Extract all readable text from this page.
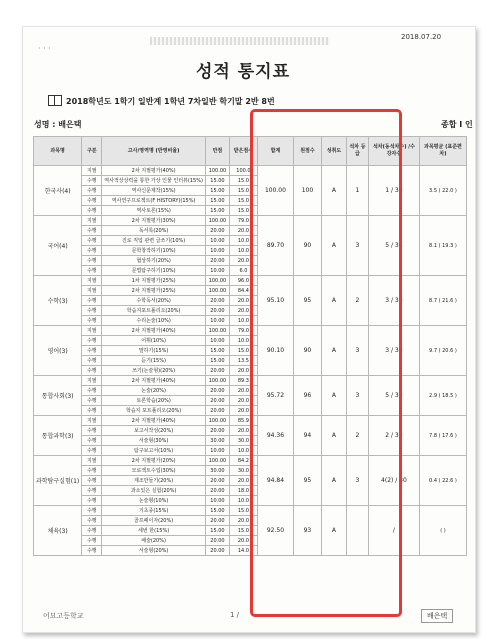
2018.07.20
· · ·
성적 통지표
2018학년도 1학기 일반계 1학년 7차일반 학기말 2반 8번
성명 : 배은택	종합 I 인
과목명	구분	고사/영역명 (반영비율)	만점	받은점수	합계	원점수	성취도	석차 등급	석차(동석차수) /수강자수	과목평균 (표준편차)
한국사(4)	지필	2차 지필평가(40%)	100.00	100.0	100.00	100	A	1	1 / 30	3.5 ( 22.0 )
	수행	역사적상상력을 통한 가상 인물 인터뷰(15%)	15.00	15.0						
	수행	역사신문제작(15%)	15.00	15.0						
	수행	역사연구프로젝트(F HISTORY)(15%)	15.00	15.0						
	수행	역사토론(15%)	15.00	15.0						
국어(4)	지필	2차 지필평가(30%)	100.00	79.0	89.70	90	A	3	5 / 34	8.1 ( 19.3 )
	수행	독서록(20%)	20.00	20.0						
	수행	진로 직업 관련 글쓰기(10%)	10.00	10.0						
	수행	문학창작하기(10%)	10.00	10.0						
	수행	협상하기(20%)	20.00	20.0						
	수행	문법탐구하기(10%)	10.00	6.0						
수학(3)	지필	1차 지필평가(25%)	100.00	96.0	95.10	95	A	2	3 / 30	8.7 ( 21.6 )
	지필	2차 지필평가(25%)	100.00	84.4						
	수행	수학독서(20%)	20.00	20.0						
	수행	학습지포트폴리오(20%)	20.00	20.0						
	수행	수리논술(10%)	10.00	10.0						
영어(3)	지필	2차 지필평가(40%)	100.00	79.0	90.10	90	A	3	3 / 30	9.7 ( 20.6 )
	수행	어휘(10%)	10.00	10.0						
	수행	말하기(15%)	15.00	15.0						
	수행	듣기(15%)	15.00	13.5						
	수행	쓰기(논술형)(20%)	20.00	20.0						
통합사회(3)	지필	2차 지필평가(40%)	100.00	89.3	95.72	96	A	3	5 / 30	2.9 ( 18.5 )
	수행	논술(20%)	20.00	20.0						
	수행	토론학습(20%)	20.00	20.0						
	수행	학습지 포트폴리오(20%)	20.00	20.0						
통합과학(3)	지필	2차 지필평가(40%)	100.00	85.9	94.36	94	A	2	2 / 30	7.8 ( 17.6 )
	수행	보고서작성(20%)	20.00	20.0						
	수행	서술형(30%)	30.00	30.0						
	수행	탐구보고서(10%)	10.00	10.0						
과학탐구실험(1)	지필	2차 지필평가(20%)	100.00	84.2	94.84	95	A	3	4(2) / 30	0.4 ( 22.6 )
	수행	모로젝트수업(30%)	30.00	30.0						
	수행	제조만들기(20%)	20.00	20.0						
	수행	과소있은 실험(20%)	20.00	18.0						
	수행	논술형(10%)	10.00	10.0						
체육(3)	수행	기초종(15%)	15.00	15.0	92.50	93	A		/	( )
	수행	골프패이자(20%)	20.00	20.0						
	수행	세번 한(15%)	15.00	15.0						
	수행	배술(20%)	20.00	20.0						
	수행	서술형(20%)	20.00	14.0						
어묘고등학교	1 /	배은택
